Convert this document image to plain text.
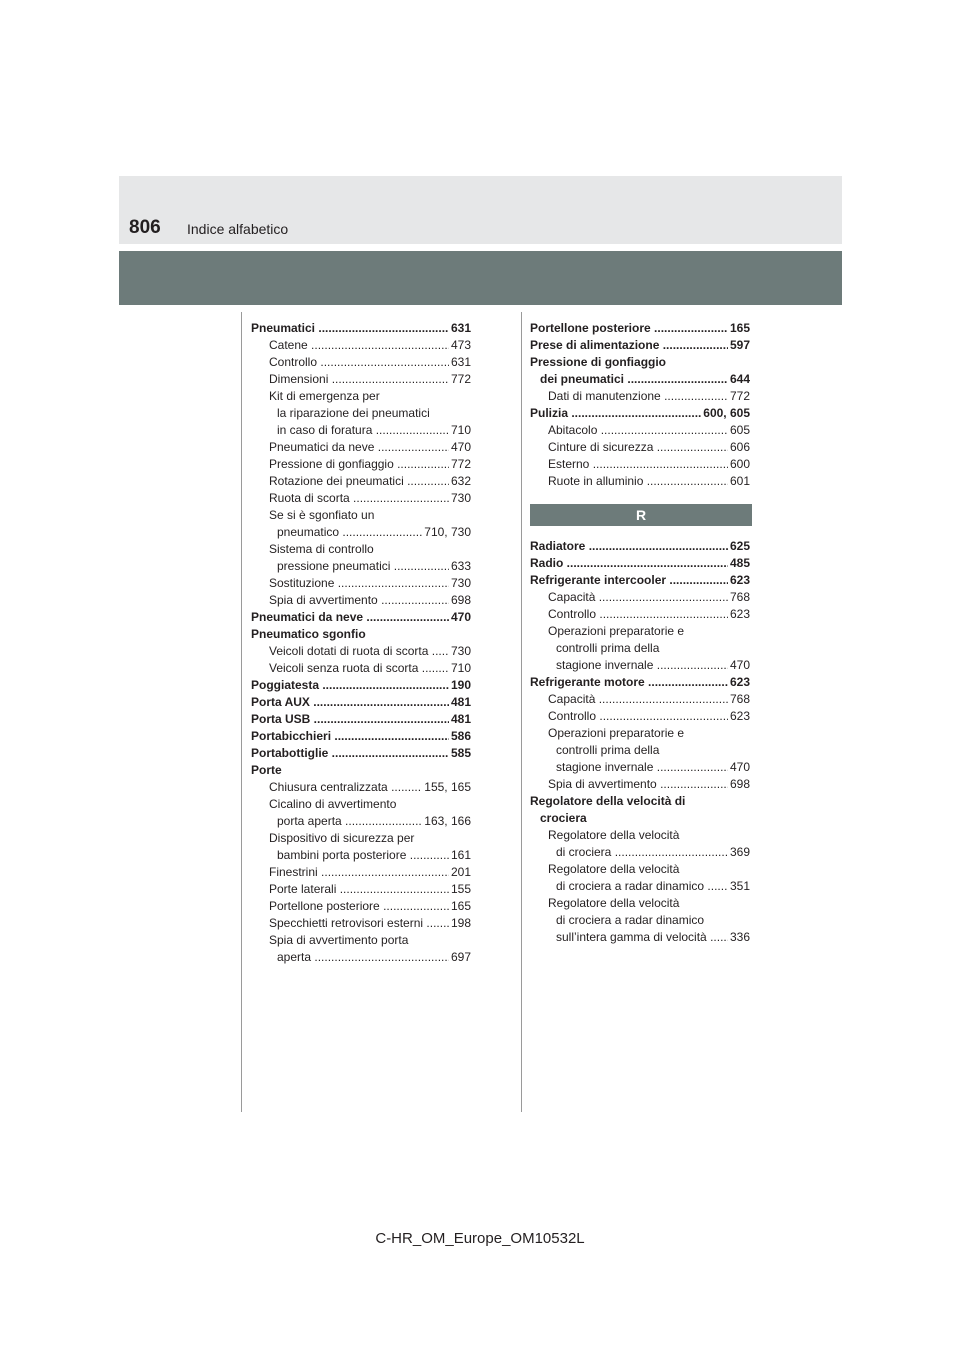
806 Indice alfabetico
Pneumatici .....	631
Catene .....	473
Controllo .....	631
Dimensioni .....	772
Kit di emergenza per
la riparazione dei pneumatici
in caso di foratura .....	710
Pneumatici da neve .....	470
Pressione di gonfiaggio .....	772
Rotazione dei pneumatici .....	632
Ruota di scorta .....	730
Se si è sgonfiato un
pneumatico .....	710, 730
Sistema di controllo
pressione pneumatici .....	633
Sostituzione .....	730
Spia di avvertimento .....	698
Pneumatici da neve .....	470
Pneumatico sgonfio
Veicoli dotati di ruota di scorta ..... 730
Veicoli senza ruota di scorta .....	710
Poggiatesta .....	190
Porta AUX .....	481
Porta USB .....	481
Portabicchieri .....	586
Portabottiglie .....	585
Porte
Chiusura centralizzata .....	155, 165
Cicalino di avvertimento
porta aperta .....	163, 166
Dispositivo di sicurezza per
bambini porta posteriore .....	161
Finestrini .....	201
Porte laterali .....	155
Portellone posteriore .....	165
Specchietti retrovisori esterni ..... 198
Spia di avvertimento porta
aperta .....	697
Portellone posteriore .....	165
Prese di alimentazione .....	597
Pressione di gonfiaggio
dei pneumatici .....	644
Dati di manutenzione .....	772
Pulizia .....	600, 605
Abitacolo .....	605
Cinture di sicurezza .....	606
Esterno .....	600
Ruote in alluminio .....	601
R
Radiatore .....	625
Radio .....	485
Refrigerante intercooler .....	623
Capacità .....	768
Controllo .....	623
Operazioni preparatorie e
controlli prima della
stagione invernale .....	470
Refrigerante motore .....	623
Capacità .....	768
Controllo .....	623
Operazioni preparatorie e
controlli prima della
stagione invernale .....	470
Spia di avvertimento .....	698
Regolatore della velocità di
crociera
Regolatore della velocità
di crociera .....	369
Regolatore della velocità
di crociera a radar dinamico ..... 351
Regolatore della velocità
di crociera a radar dinamico
sull’intera gamma di velocità ..... 336
C-HR_OM_Europe_OM10532L
